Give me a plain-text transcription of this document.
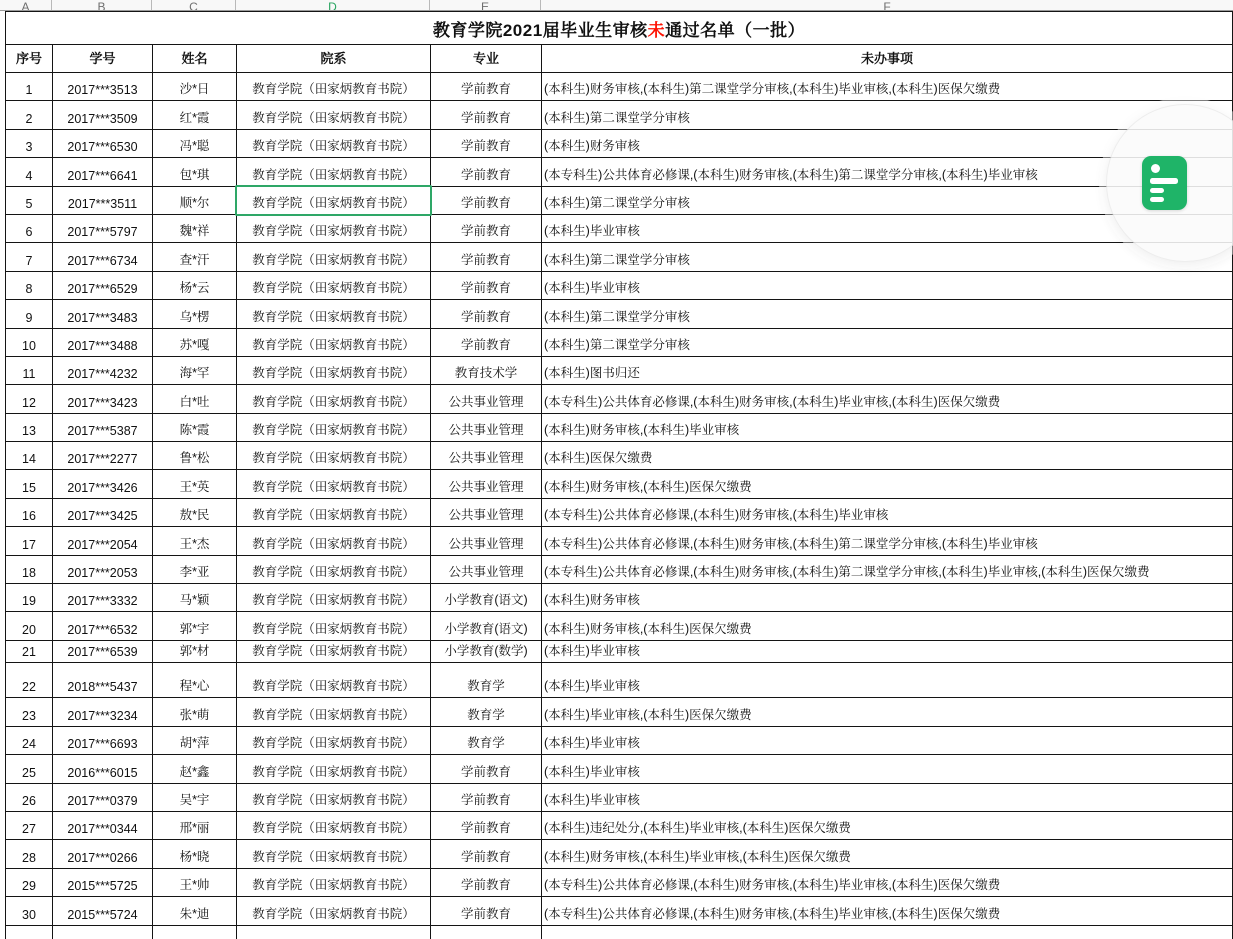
A	B	C	D	E	F
教育学院2021届毕业生审核未通过名单（一批）					
序号	学号	姓名	院系	专业	未办事项
1	2017***3513	沙*日	教育学院（田家炳教育书院）	学前教育	(本科生)财务审核,(本科生)第二课堂学分审核,(本科生)毕业审核,(本科生)医保欠缴费
2	2017***3509	红*霞	教育学院（田家炳教育书院）	学前教育	(本科生)第二课堂学分审核
3	2017***6530	冯*聪	教育学院（田家炳教育书院）	学前教育	(本科生)财务审核
4	2017***6641	包*琪	教育学院（田家炳教育书院）	学前教育	(本专科生)公共体育必修课,(本科生)财务审核,(本科生)第二课堂学分审核,(本科生)毕业审核
5	2017***3511	顺*尔	教育学院（田家炳教育书院）	学前教育	(本科生)第二课堂学分审核
6	2017***5797	魏*祥	教育学院（田家炳教育书院）	学前教育	(本科生)毕业审核
7	2017***6734	查*汗	教育学院（田家炳教育书院）	学前教育	(本科生)第二课堂学分审核
8	2017***6529	杨*云	教育学院（田家炳教育书院）	学前教育	(本科生)毕业审核
9	2017***3483	乌*楞	教育学院（田家炳教育书院）	学前教育	(本科生)第二课堂学分审核
10	2017***3488	苏*嘎	教育学院（田家炳教育书院）	学前教育	(本科生)第二课堂学分审核
11	2017***4232	海*罕	教育学院（田家炳教育书院）	教育技术学	(本科生)图书归还
12	2017***3423	白*吐	教育学院（田家炳教育书院）	公共事业管理	(本专科生)公共体育必修课,(本科生)财务审核,(本科生)毕业审核,(本科生)医保欠缴费
13	2017***5387	陈*霞	教育学院（田家炳教育书院）	公共事业管理	(本科生)财务审核,(本科生)毕业审核
14	2017***2277	鲁*松	教育学院（田家炳教育书院）	公共事业管理	(本科生)医保欠缴费
15	2017***3426	王*英	教育学院（田家炳教育书院）	公共事业管理	(本科生)财务审核,(本科生)医保欠缴费
16	2017***3425	敖*民	教育学院（田家炳教育书院）	公共事业管理	(本专科生)公共体育必修课,(本科生)财务审核,(本科生)毕业审核
17	2017***2054	王*杰	教育学院（田家炳教育书院）	公共事业管理	(本专科生)公共体育必修课,(本科生)财务审核,(本科生)第二课堂学分审核,(本科生)毕业审核
18	2017***2053	李*亚	教育学院（田家炳教育书院）	公共事业管理	(本专科生)公共体育必修课,(本科生)财务审核,(本科生)第二课堂学分审核,(本科生)毕业审核,(本科生)医保欠缴费
19	2017***3332	马*颖	教育学院（田家炳教育书院）	小学教育(语文)	(本科生)财务审核
20	2017***6532	郭*宇	教育学院（田家炳教育书院）	小学教育(语文)	(本科生)财务审核,(本科生)医保欠缴费
21	2017***6539	郭*材	教育学院（田家炳教育书院）	小学教育(数学)	(本科生)毕业审核
22	2018***5437	程*心	教育学院（田家炳教育书院）	教育学	(本科生)毕业审核
23	2017***3234	张*萌	教育学院（田家炳教育书院）	教育学	(本科生)毕业审核,(本科生)医保欠缴费
24	2017***6693	胡*萍	教育学院（田家炳教育书院）	教育学	(本科生)毕业审核
25	2016***6015	赵*鑫	教育学院（田家炳教育书院）	学前教育	(本科生)毕业审核
26	2017***0379	吴*宇	教育学院（田家炳教育书院）	学前教育	(本科生)毕业审核
27	2017***0344	邢*丽	教育学院（田家炳教育书院）	学前教育	(本科生)违纪处分,(本科生)毕业审核,(本科生)医保欠缴费
28	2017***0266	杨*晓	教育学院（田家炳教育书院）	学前教育	(本科生)财务审核,(本科生)毕业审核,(本科生)医保欠缴费
29	2015***5725	王*帅	教育学院（田家炳教育书院）	学前教育	(本专科生)公共体育必修课,(本科生)财务审核,(本科生)毕业审核,(本科生)医保欠缴费
30	2015***5724	朱*迪	教育学院（田家炳教育书院）	学前教育	(本专科生)公共体育必修课,(本科生)财务审核,(本科生)毕业审核,(本科生)医保欠缴费
